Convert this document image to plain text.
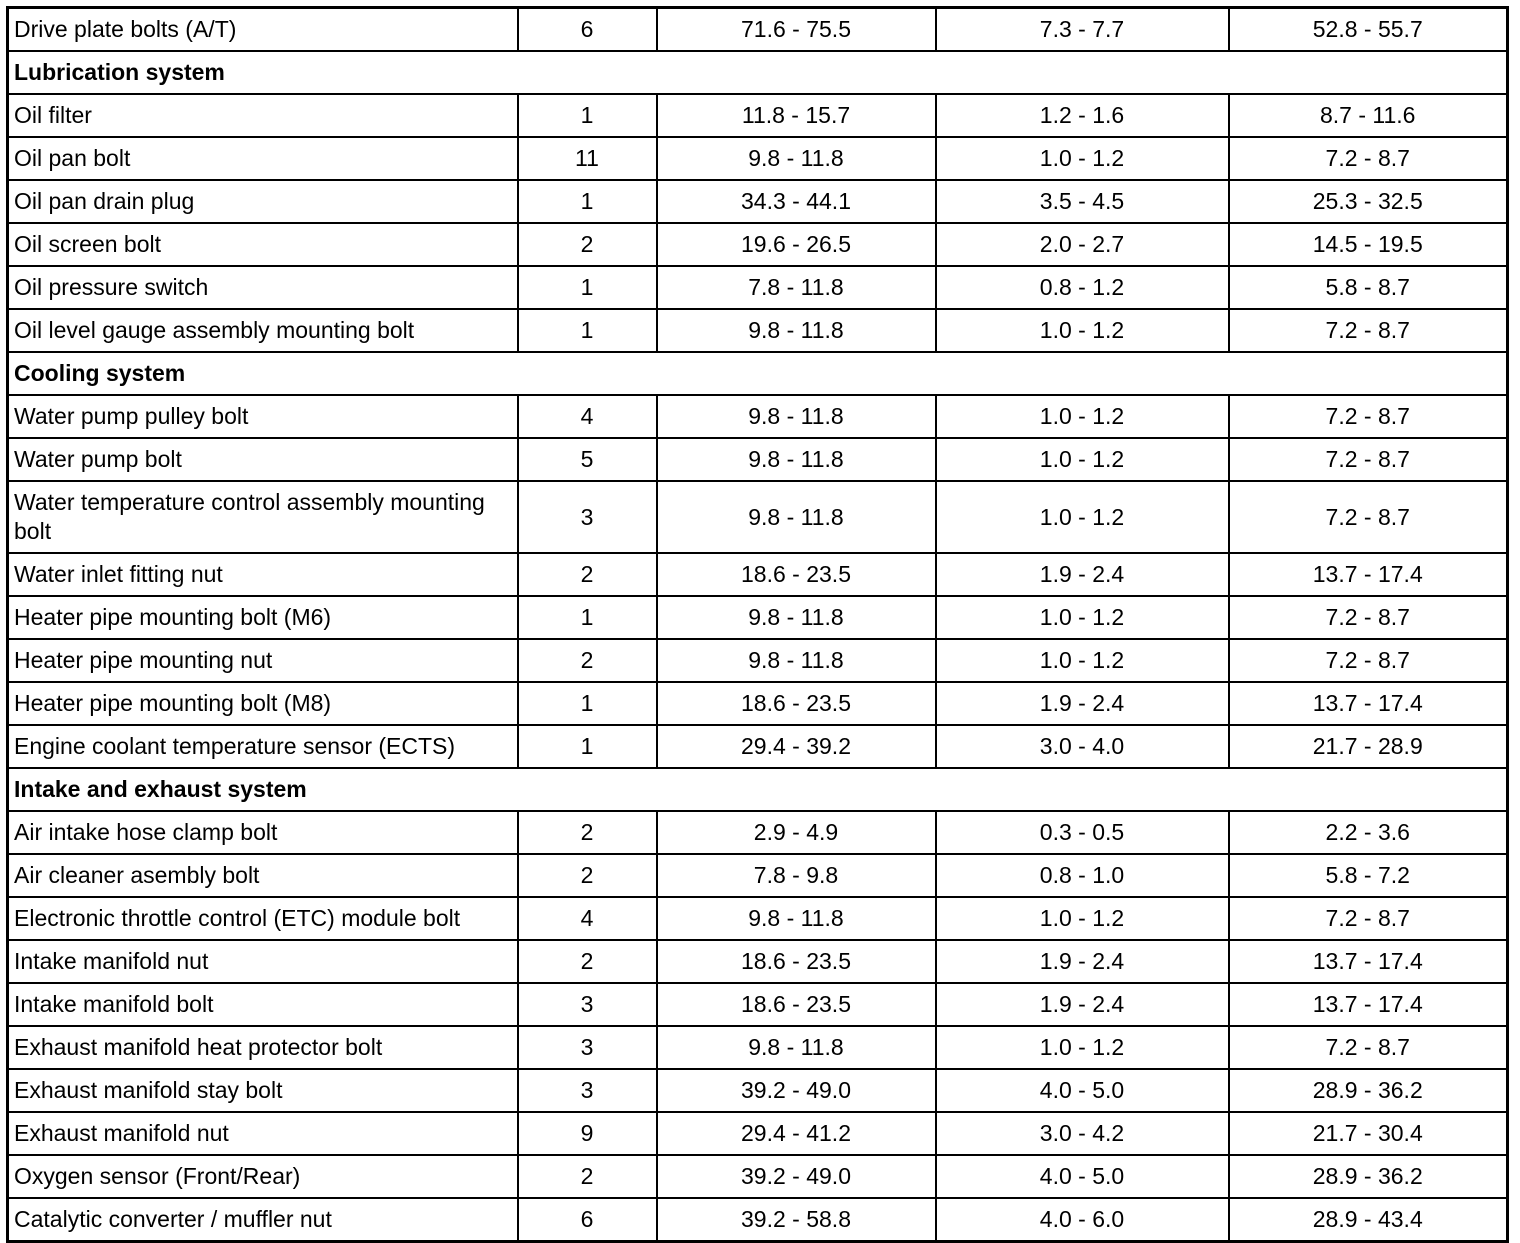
Drive plate bolts (A/T)	6	71.6 - 75.5	7.3 - 7.7	52.8 - 55.7
Lubrication system				
Oil filter	1	11.8 - 15.7	1.2 - 1.6	8.7 - 11.6
Oil pan bolt	11	9.8 - 11.8	1.0 - 1.2	7.2 - 8.7
Oil pan drain plug	1	34.3 - 44.1	3.5 - 4.5	25.3 - 32.5
Oil screen bolt	2	19.6 - 26.5	2.0 - 2.7	14.5 - 19.5
Oil pressure switch	1	7.8 - 11.8	0.8 - 1.2	5.8 - 8.7
Oil level gauge assembly mounting bolt	1	9.8 - 11.8	1.0 - 1.2	7.2 - 8.7
Cooling system				
Water pump pulley bolt	4	9.8 - 11.8	1.0 - 1.2	7.2 - 8.7
Water pump bolt	5	9.8 - 11.8	1.0 - 1.2	7.2 - 8.7
Water temperature control assembly mounting bolt	3	9.8 - 11.8	1.0 - 1.2	7.2 - 8.7
Water inlet fitting nut	2	18.6 - 23.5	1.9 - 2.4	13.7 - 17.4
Heater pipe mounting bolt (M6)	1	9.8 - 11.8	1.0 - 1.2	7.2 - 8.7
Heater pipe mounting nut	2	9.8 - 11.8	1.0 - 1.2	7.2 - 8.7
Heater pipe mounting bolt (M8)	1	18.6 - 23.5	1.9 - 2.4	13.7 - 17.4
Engine coolant temperature sensor (ECTS)	1	29.4 - 39.2	3.0 - 4.0	21.7 - 28.9
Intake and exhaust system				
Air intake hose clamp bolt	2	2.9 - 4.9	0.3 - 0.5	2.2 - 3.6
Air cleaner asembly bolt	2	7.8 - 9.8	0.8 - 1.0	5.8 - 7.2
Electronic throttle control (ETC) module bolt	4	9.8 - 11.8	1.0 - 1.2	7.2 - 8.7
Intake manifold nut	2	18.6 - 23.5	1.9 - 2.4	13.7 - 17.4
Intake manifold bolt	3	18.6 - 23.5	1.9 - 2.4	13.7 - 17.4
Exhaust manifold heat protector bolt	3	9.8 - 11.8	1.0 - 1.2	7.2 - 8.7
Exhaust manifold stay bolt	3	39.2 - 49.0	4.0 - 5.0	28.9 - 36.2
Exhaust manifold nut	9	29.4 - 41.2	3.0 - 4.2	21.7 - 30.4
Oxygen sensor (Front/Rear)	2	39.2 - 49.0	4.0 - 5.0	28.9 - 36.2
Catalytic converter / muffler nut	6	39.2 - 58.8	4.0 - 6.0	28.9 - 43.4
